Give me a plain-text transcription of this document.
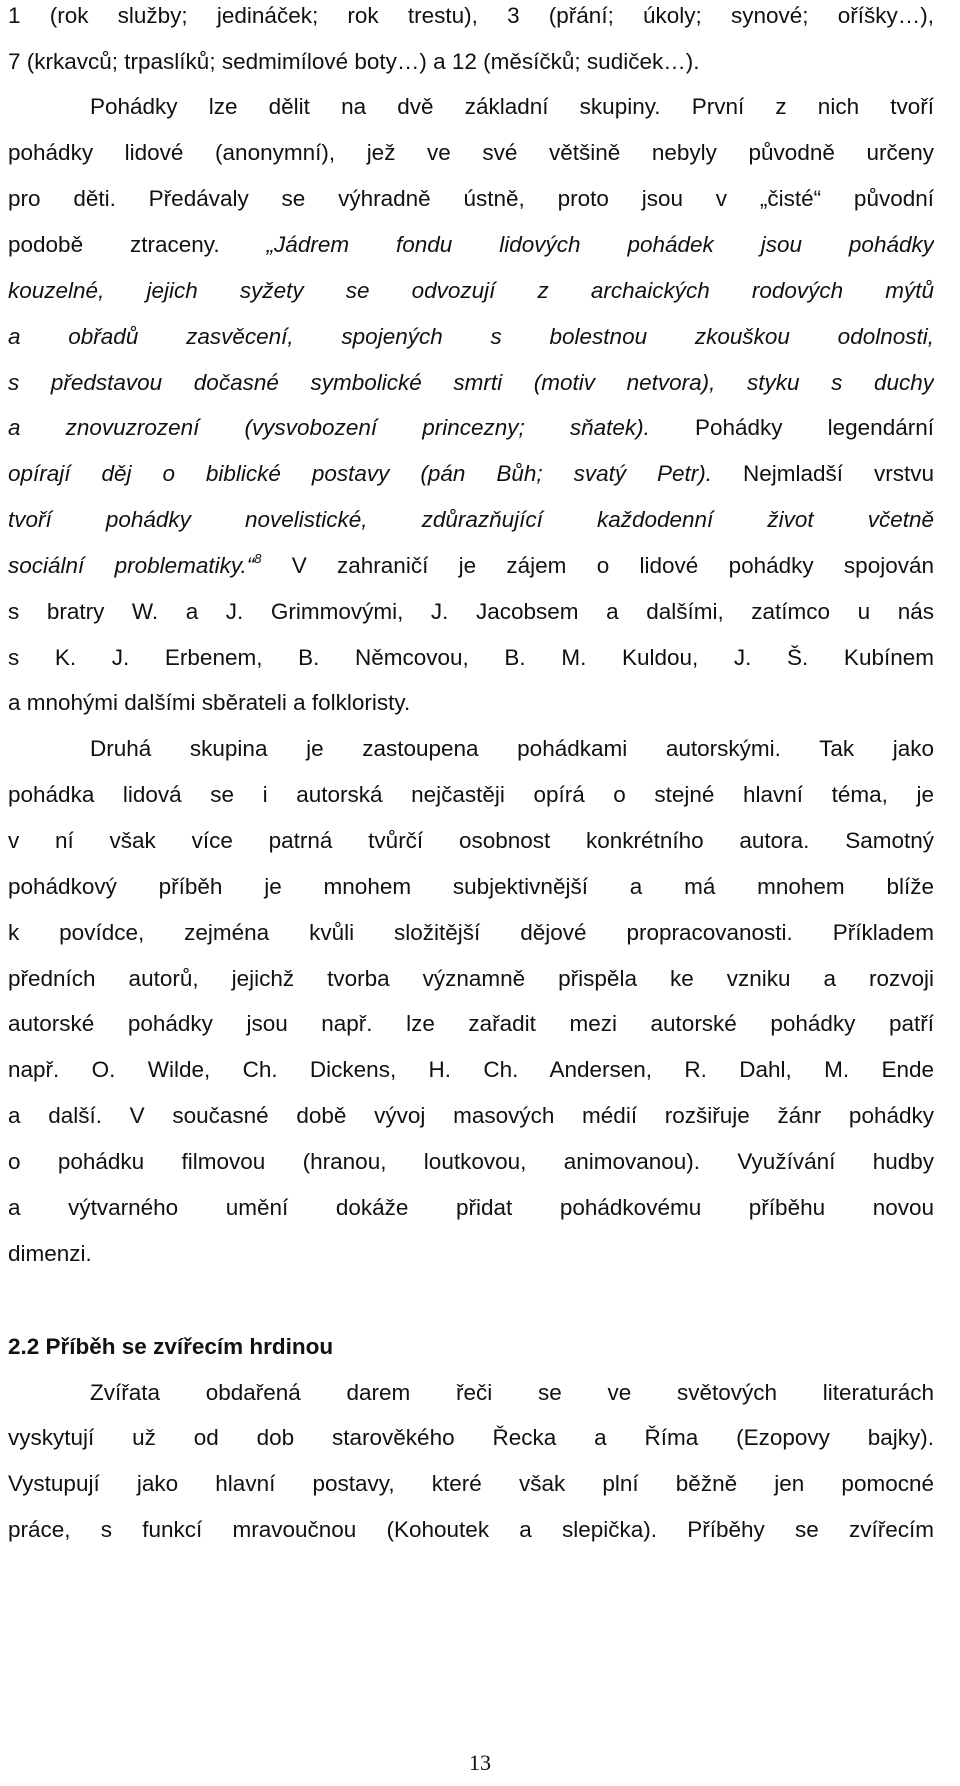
1 (rok služby; jedináček; rok trestu), 3 (přání; úkoly; synové; oříšky…),
7 (krkavců; trpaslíků; sedmimílové boty…) a 12 (měsíčků; sudiček…).
Pohádky lze dělit na dvě základní skupiny. První z nich tvoří
pohádky lidové (anonymní), jež ve své většině nebyly původně určeny
pro děti. Předávaly se výhradně ústně, proto jsou v „čisté“ původní
podobě ztraceny. „Jádrem fondu lidových pohádek jsou pohádky
kouzelné, jejich syžety se odvozují z archaických rodových mýtů
a obřadů zasvěcení, spojených s bolestnou zkouškou odolnosti,
s představou dočasné symbolické smrti (motiv netvora), styku s duchy
a znovuzrození (vysvobození princezny; sňatek). Pohádky legendární
opírají děj o biblické postavy (pán Bůh; svatý Petr). Nejmladší vrstvu
tvoří pohádky novelistické, zdůrazňující každodenní život včetně
sociální problematiky.“$^8$ V zahraničí je zájem o lidové pohádky spojován
s bratry W. a J. Grimmovými, J. Jacobsem a dalšími, zatímco u nás
s K. J. Erbenem, B. Němcovou, B. M. Kuldou, J. Š. Kubínem
a mnohými dalšími sběrateli a folkloristy.
Druhá skupina je zastoupena pohádkami autorskými. Tak jako
pohádka lidová se i autorská nejčastěji opírá o stejné hlavní téma, je
v ní však více patrná tvůrčí osobnost konkrétního autora. Samotný
pohádkový příběh je mnohem subjektivnější a má mnohem blíže
k povídce, zejména kvůli složitější dějové propracovanosti. Příkladem
předních autorů, jejichž tvorba významně přispěla ke vzniku a rozvoji
autorské pohádky jsou např. lze zařadit mezi autorské pohádky patří
např. O. Wilde, Ch. Dickens, H. Ch. Andersen, R. Dahl, M. Ende
a další. V současné době vývoj masových médií rozšiřuje žánr pohádky
o pohádku filmovou (hranou, loutkovou, animovanou). Využívání hudby
a výtvarného umění dokáže přidat pohádkovému příběhu novou
dimenzi.
2.2 Příběh se zvířecím hrdinou
Zvířata obdařená darem řeči se ve světových literaturách
vyskytují už od dob starověkého Řecka a Říma (Ezopovy bajky).
Vystupují jako hlavní postavy, které však plní běžně jen pomocné
práce, s funkcí mravoučnou (Kohoutek a slepička). Příběhy se zvířecím
13
